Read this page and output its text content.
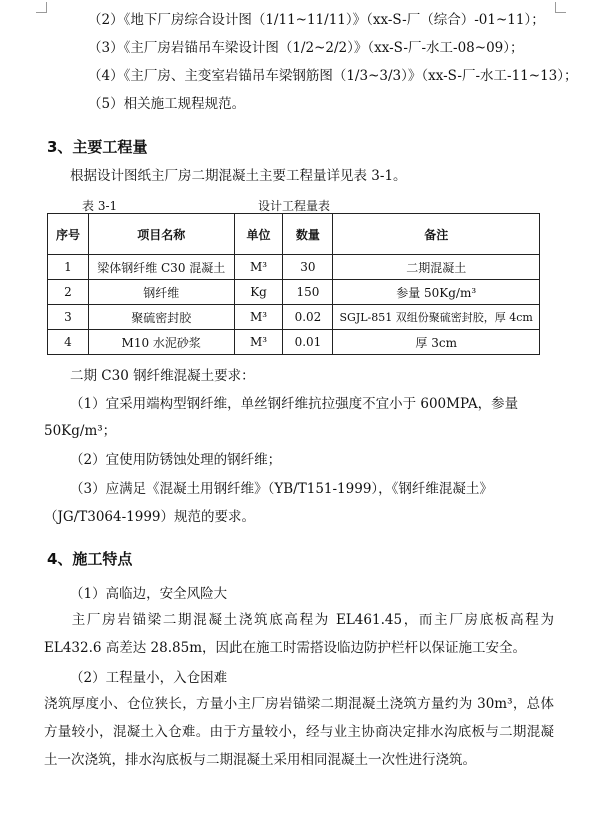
（2）《地下厂房综合设计图（1/11~11/11）》（xx-S-厂（综合）-01~11）；
（3）《主厂房岩锚吊车梁设计图（1/2~2/2）》（xx-S-厂-水工-08~09）；
（4）《主厂房、主变室岩锚吊车梁钢筋图（1/3~3/3）》（xx-S-厂-水工-11~13）；
（5）相关施工规程规范。
3、主要工程量
根据设计图纸主厂房二期混凝土主要工程量详见表 3-1。
表 3-1	设计工程量表
序号	项目名称	单位	数量	备注
1	梁体钢纤维 C30 混凝土	M³	30	二期混凝土
2	钢纤维	Kg	150	参量 50Kg/m³
3	聚硫密封胶	M³	0.02	SGJL-851 双组份聚硫密封胶，厚 4cm
4	M10 水泥砂浆	M³	0.01	厚 3cm
二期 C30 钢纤维混凝土要求：
（1）宜采用端构型钢纤维，单丝钢纤维抗拉强度不宜小于 600MPA，参量
50Kg/m³；
（2）宜使用防锈蚀处理的钢纤维；
（3）应满足《混凝土用钢纤维》（YB/T151-1999），《钢纤维混凝土》
（JG/T3064-1999）规范的要求。
4、施工特点
（1）高临边，安全风险大
主厂房岩锚梁二期混凝土浇筑底高程为 EL461.45，而主厂房底板高程为 EL432.6 高差达 28.85m，因此在施工时需搭设临边防护栏杆以保证施工安全。
（2）工程量小，入仓困难
浇筑厚度小、仓位狭长，方量小主厂房岩锚梁二期混凝土浇筑方量约为 30m³，总体方量较小，混凝土入仓难。由于方量较小，经与业主协商决定排水沟底板与二期混凝土一次浇筑，排水沟底板与二期混凝土采用相同混凝土一次性进行浇筑。
